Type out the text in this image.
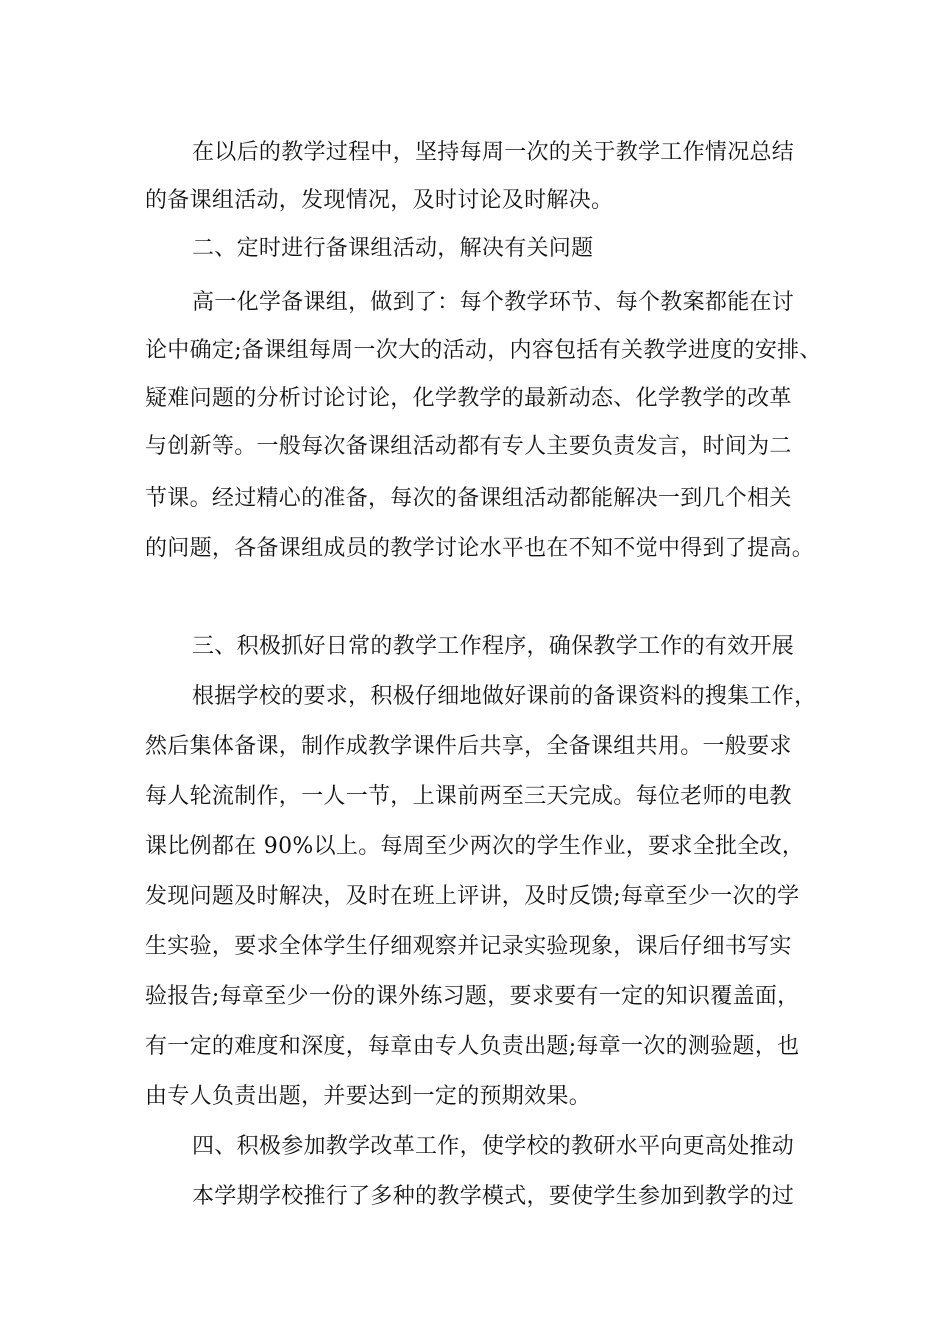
在以后的教学过程中，坚持每周一次的关于教学工作情况总结
的备课组活动，发现情况，及时讨论及时解决。
二、定时进行备课组活动，解决有关问题
高一化学备课组，做到了：每个教学环节、每个教案都能在讨
论中确定;备课组每周一次大的活动，内容包括有关教学进度的安排、
疑难问题的分析讨论讨论，化学教学的最新动态、化学教学的改革
与创新等。一般每次备课组活动都有专人主要负责发言，时间为二
节课。经过精心的准备，每次的备课组活动都能解决一到几个相关
的问题，各备课组成员的教学讨论水平也在不知不觉中得到了提高。
三、积极抓好日常的教学工作程序，确保教学工作的有效开展
根据学校的要求，积极仔细地做好课前的备课资料的搜集工作，
然后集体备课，制作成教学课件后共享，全备课组共用。一般要求
每人轮流制作，一人一节，上课前两至三天完成。每位老师的电教
课比例都在 90%以上。每周至少两次的学生作业，要求全批全改，
发现问题及时解决，及时在班上评讲，及时反馈;每章至少一次的学
生实验，要求全体学生仔细观察并记录实验现象，课后仔细书写实
验报告;每章至少一份的课外练习题，要求要有一定的知识覆盖面，
有一定的难度和深度，每章由专人负责出题;每章一次的测验题，也
由专人负责出题，并要达到一定的预期效果。
四、积极参加教学改革工作，使学校的教研水平向更高处推动
本学期学校推行了多种的教学模式，要使学生参加到教学的过
